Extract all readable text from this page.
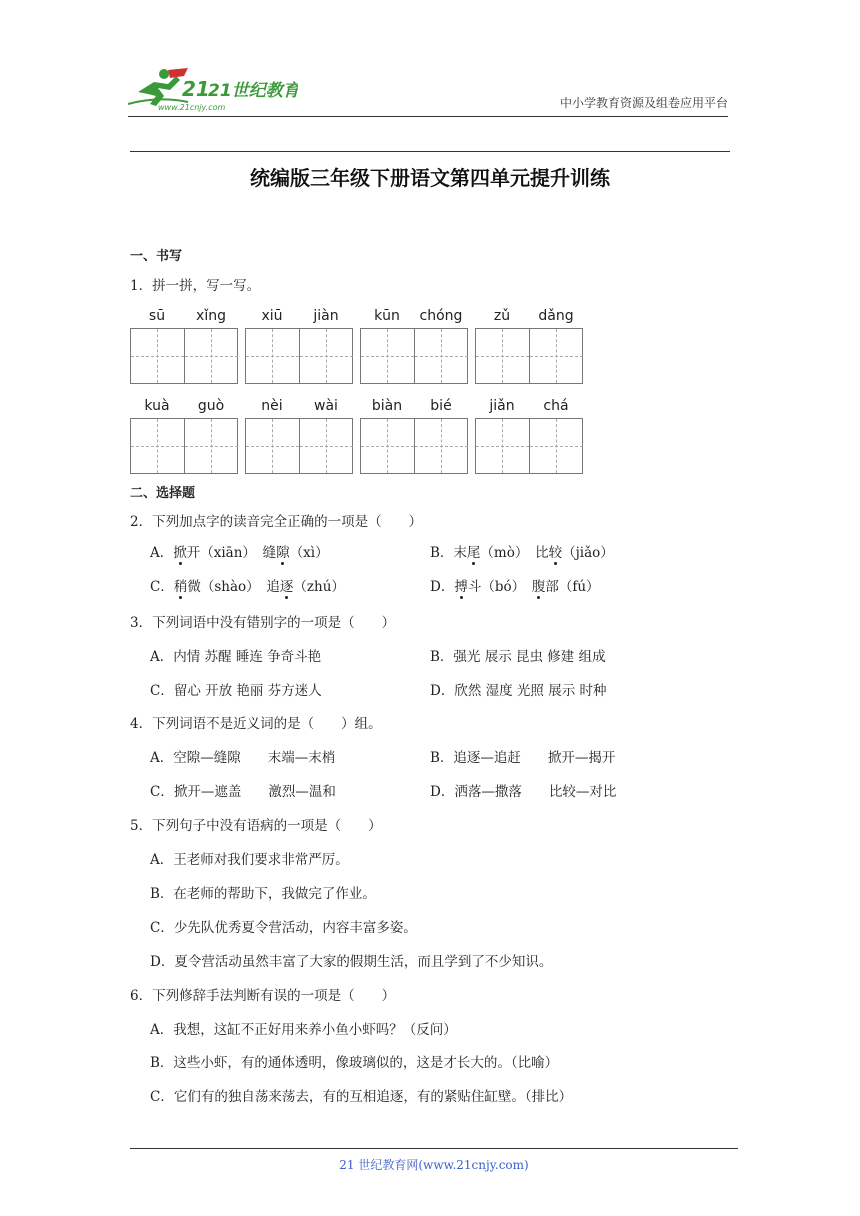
21
21世纪教育
www.21cnjy.com	中小学教育资源及组卷应用平台
统编版三年级下册语文第四单元提升训练
一、书写
1．拼一拼，写一写。
sū	xǐng	xiū	jiàn	kūn	chóng	zǔ	dǎng
kuà	guò	nèi	wài	biàn	bié	jiǎn	chá
二、选择题
2．下列加点字的读音完全正确的一项是（　　）
A．掀开（xiān）　缝隙（xì）	B．末尾（mò）　比较（jiǎo）
C．稍微（shào）　追逐（zhú）	D．搏斗（bó）　腹部（fú）
3．下列词语中没有错别字的一项是（　　）
A．内情 苏醒 睡连 争奇斗艳	B．强光 展示 昆虫 修建 组成
C．留心 开放 艳丽 芬方迷人	D．欣然 湿度 光照 展示 时种
4．下列词语不是近义词的是（　　）组。
A．空隙—缝隙　　末端—末梢	B．追逐—追赶　　掀开—揭开
C．掀开—遮盖　　激烈—温和	D．洒落—撒落　　比较—对比
5．下列句子中没有语病的一项是（　　）
A．王老师对我们要求非常严厉。
B．在老师的帮助下，我做完了作业。
C．少先队优秀夏令营活动，内容丰富多姿。
D．夏令营活动虽然丰富了大家的假期生活，而且学到了不少知识。
6．下列修辞手法判断有误的一项是（　　）
A．我想，这缸不正好用来养小鱼小虾吗？（反问）
B．这些小虾，有的通体透明，像玻璃似的，这是才长大的。（比喻）
C．它们有的独自荡来荡去，有的互相追逐，有的紧贴住缸壁。（排比）
21 世纪教育网(www.21cnjy.com)
